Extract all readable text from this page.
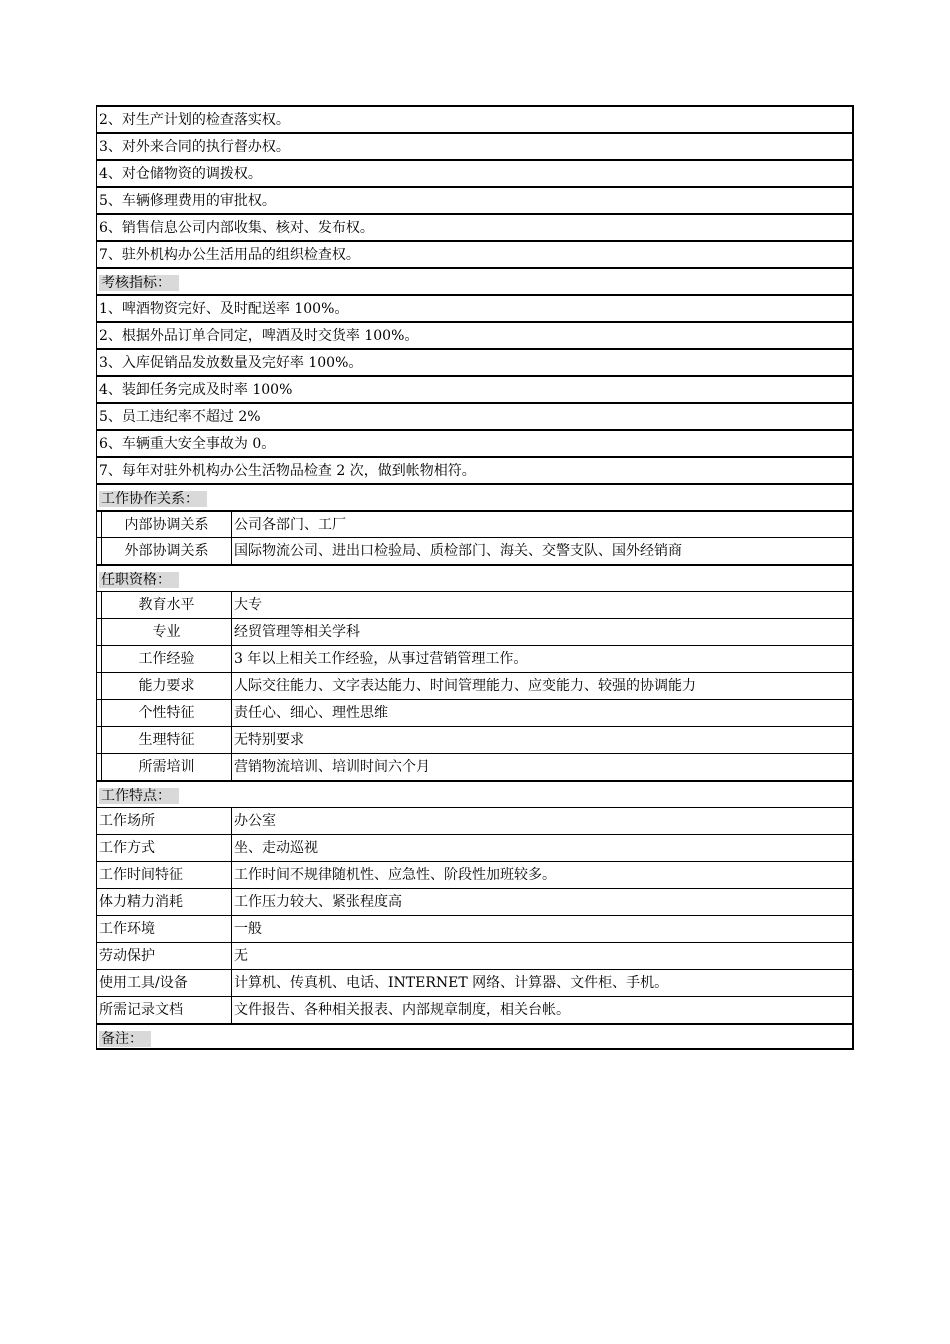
2、对生产计划的检查落实权。
3、对外来合同的执行督办权。
4、对仓储物资的调拨权。
5、车辆修理费用的审批权。
6、销售信息公司内部收集、核对、发布权。
7、驻外机构办公生活用品的组织检查权。
考核指标：
1、啤酒物资完好、及时配送率 100%。
2、根据外品订单合同定，啤酒及时交货率 100%。
3、入库促销品发放数量及完好率 100%。
4、装卸任务完成及时率 100%
5、员工违纪率不超过 2%
6、车辆重大安全事故为 0。
7、每年对驻外机构办公生活物品检查 2 次，做到帐物相符。
工作协作关系：
内部协调关系	公司各部门、工厂
外部协调关系	国际物流公司、进出口检验局、质检部门、海关、交警支队、国外经销商
任职资格：
教育水平	大专
专业	经贸管理等相关学科
工作经验	3 年以上相关工作经验，从事过营销管理工作。
能力要求	人际交往能力、文字表达能力、时间管理能力、应变能力、较强的协调能力
个性特征	责任心、细心、理性思维
生理特征	无特别要求
所需培训	营销物流培训、培训时间六个月
工作特点：
工作场所	办公室
工作方式	坐、走动巡视
工作时间特征	工作时间不规律随机性、应急性、阶段性加班较多。
体力精力消耗	工作压力较大、紧张程度高
工作环境	一般
劳动保护	无
使用工具/设备	计算机、传真机、电话、INTERNET 网络、计算器、文件柜、手机。
所需记录文档	文件报告、各种相关报表、内部规章制度，相关台帐。
备注：
